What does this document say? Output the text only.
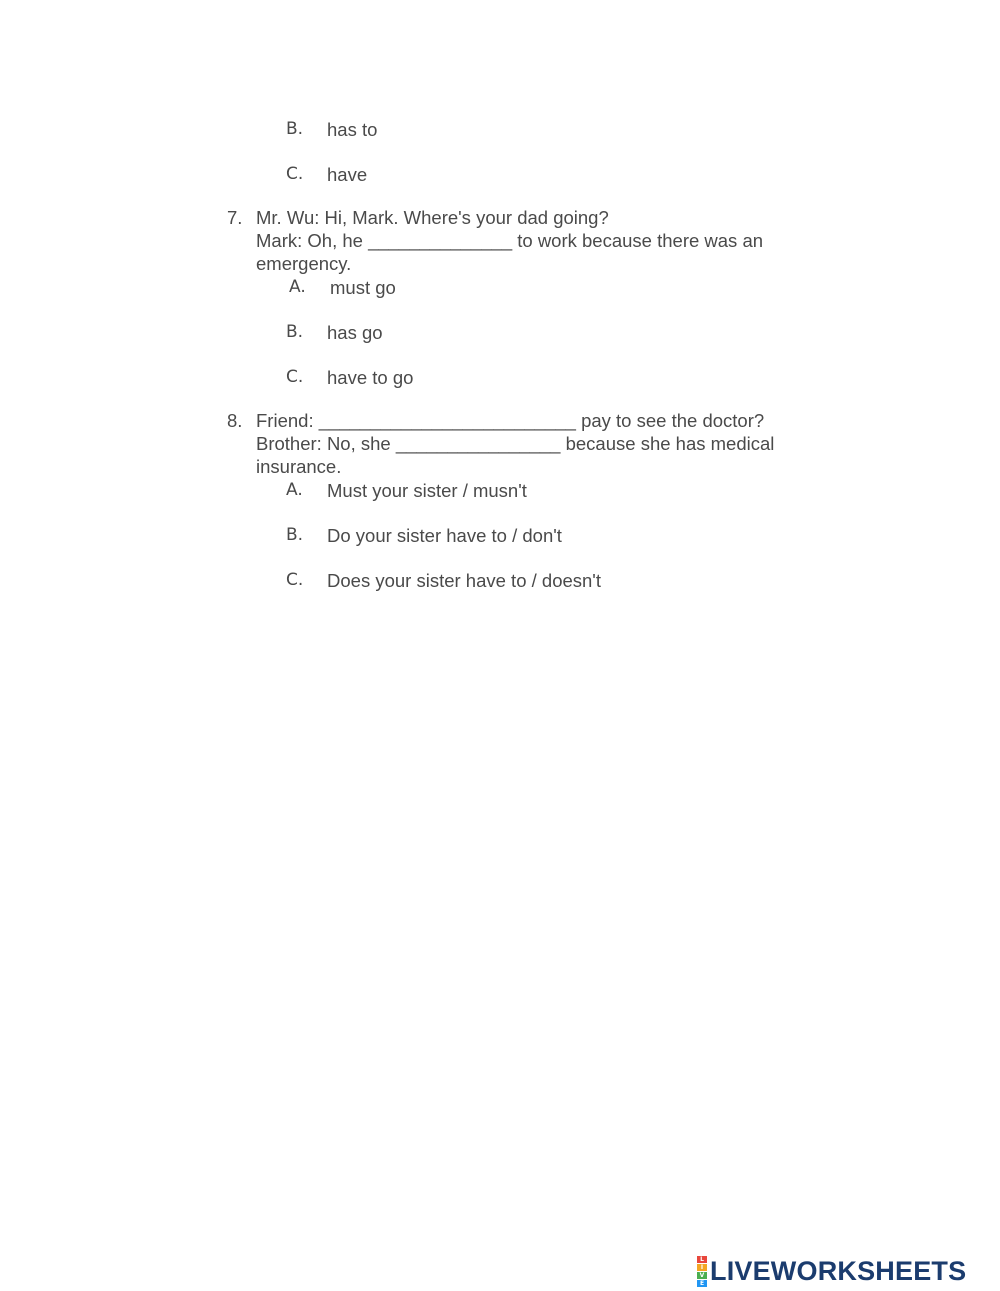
B. has to
C. have
7. Mr. Wu: Hi, Mark. Where's your dad going?
Mark: Oh, he ______________ to work because there was an
emergency.
A. must go
B. has go
C. have to go
8. Friend: _________________________ pay to see the doctor?
Brother: No, she ________________ because she has medical
insurance.
A. Must your sister / musn't
B. Do your sister have to / don't
C. Does your sister have to / doesn't
L
I
V
E LIVEWORKSHEETS
